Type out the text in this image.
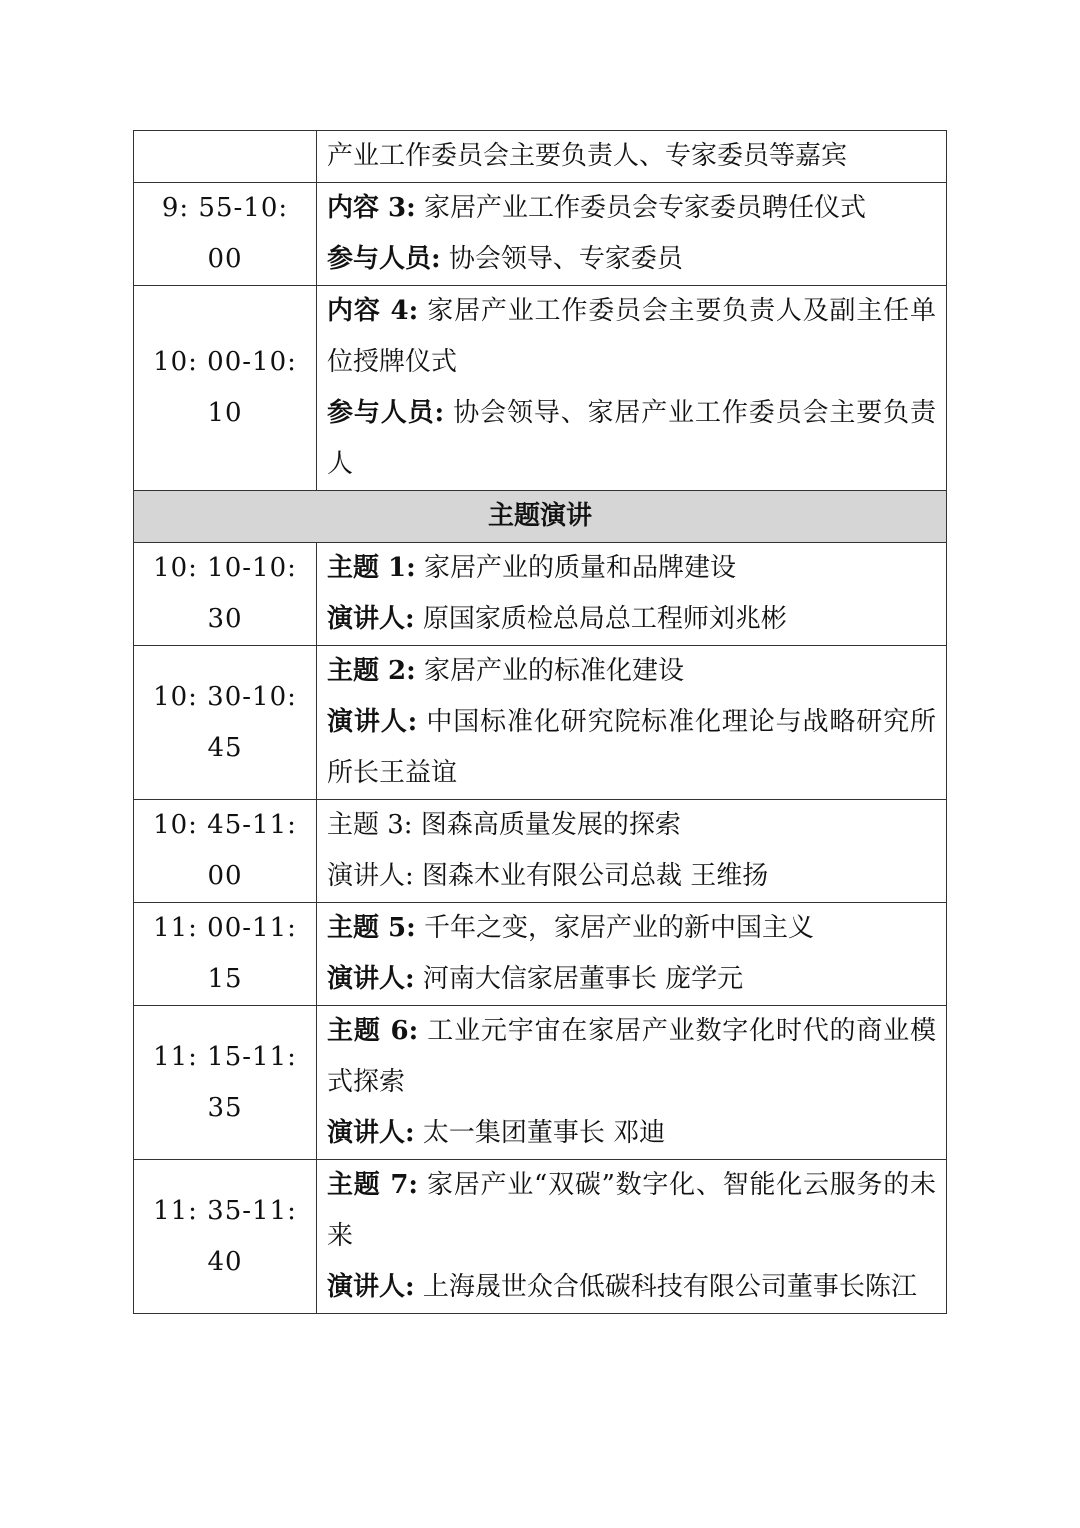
	产业工作委员会主要负责人、专家委员等嘉宾

9: 55-10: 00	内容 3: 家居产业工作委员会专家委员聘任仪式
参与人员: 协会领导、专家委员

10: 00-10: 10	内容 4: 家居产业工作委员会主要负责人及副主任单位授牌仪式
参与人员: 协会领导、家居产业工作委员会主要负责人

主题演讲	
10: 10-10: 30	主题 1: 家居产业的质量和品牌建设
演讲人: 原国家质检总局总工程师刘兆彬

10: 30-10: 45	主题 2: 家居产业的标准化建设
演讲人: 中国标准化研究院标准化理论与战略研究所所长王益谊

10: 45-11: 00	主题 3: 图森高质量发展的探索
演讲人: 图森木业有限公司总裁 王维扬

11: 00-11: 15	主题 5: 千年之变，家居产业的新中国主义
演讲人: 河南大信家居董事长 庞学元

11: 15-11: 35	主题 6: 工业元宇宙在家居产业数字化时代的商业模式探索
演讲人: 太一集团董事长 邓迪

11: 35-11: 40	主题 7: 家居产业“双碳”数字化、智能化云服务的未来
演讲人: 上海晟世众合低碳科技有限公司董事长陈江
